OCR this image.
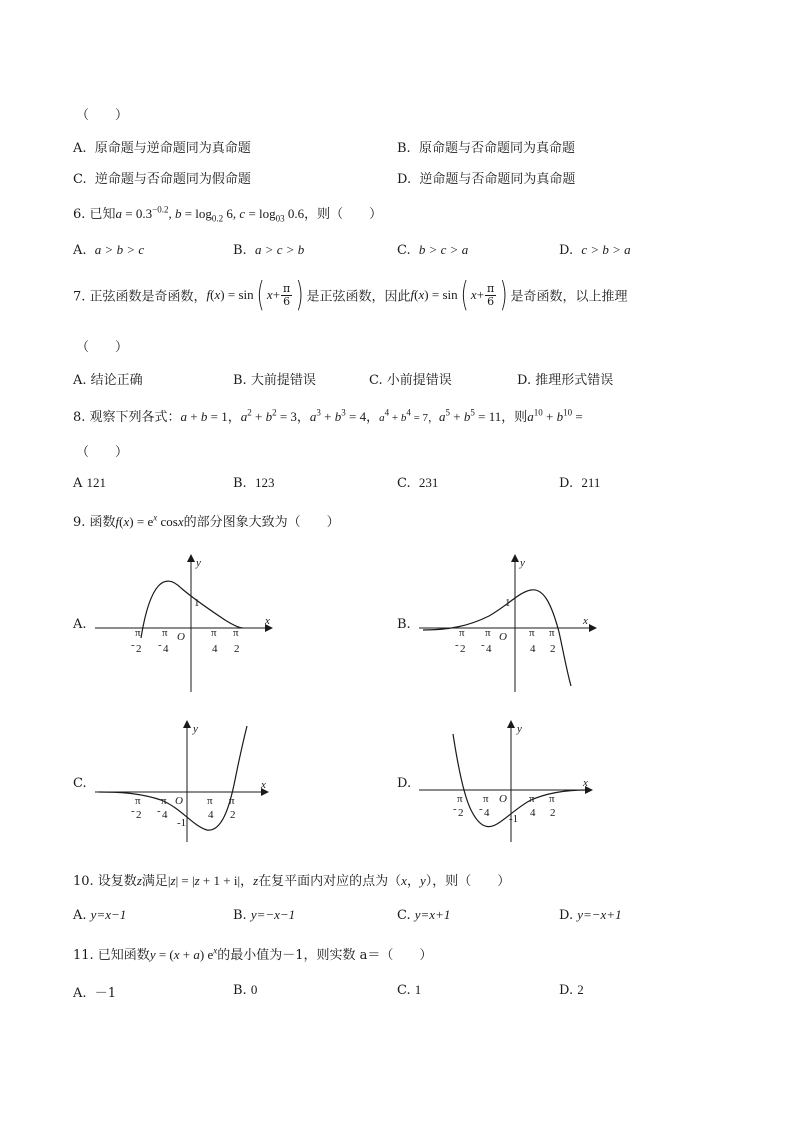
（　　）
A. 原命题与逆命题同为真命题	B. 原命题与否命题同为真命题
C. 逆命题与否命题同为假命题	D. 逆命题与否命题同为真命题
6. 已知$a = 0.3^{-0.2}$, $b = \log_{0.2} 6$, $c = \log_{03} 0.6$，则（　　）
A. a > b > c	B. a > c > b	C. b > c > a	D. c > b > a
7. 正弦函数是奇函数，f(x) = sin( $x+ \frac{\pi}{6}$ ) 是正弦函数，因此f(x) = sin( $x+ \frac{\pi}{6}$ ) 是奇函数，以上推理
（　　）
A. 结论正确	B. 大前提错误	C. 小前提错误	D. 推理形式错误
8. 观察下列各式：a + b = 1，$a^2 + b^2 = 3$，$a^3 + b^3 = 4$，$a^4 + b^4 = 7$，$a^5 + b^5 = 11$，则$a^{10} + b^{10}$ =
（　　）
A 121	B. 123	C. 231	D. 211
9. 函数$f(x) = e^x$ cosx的部分图象大致为（　　）
A.	B.
C.	D.
y
x
O
1
π
- 2
π
- 4
π
4
π
2
y
x
O
1
π
- 2
π
- 4
π
4
π
2
y
x
O
-1
π
- 2
π
- 4
π
4
π
2
y
x
O
-1
π
- 2
π
- 4
π
4
π
2
10. 设复数z满足|z| = |z + 1 + i|，z在复平面内对应的点为（x，y），则（　　）
A. y=x−1	B. y=−x−1	C. y=x+1	D. y=−x+1
11. 已知函数y = (x + a) $e^x$的最小值为－1，则实数 a＝（　　）
A. －1	B. 0	C. 1	D. 2
